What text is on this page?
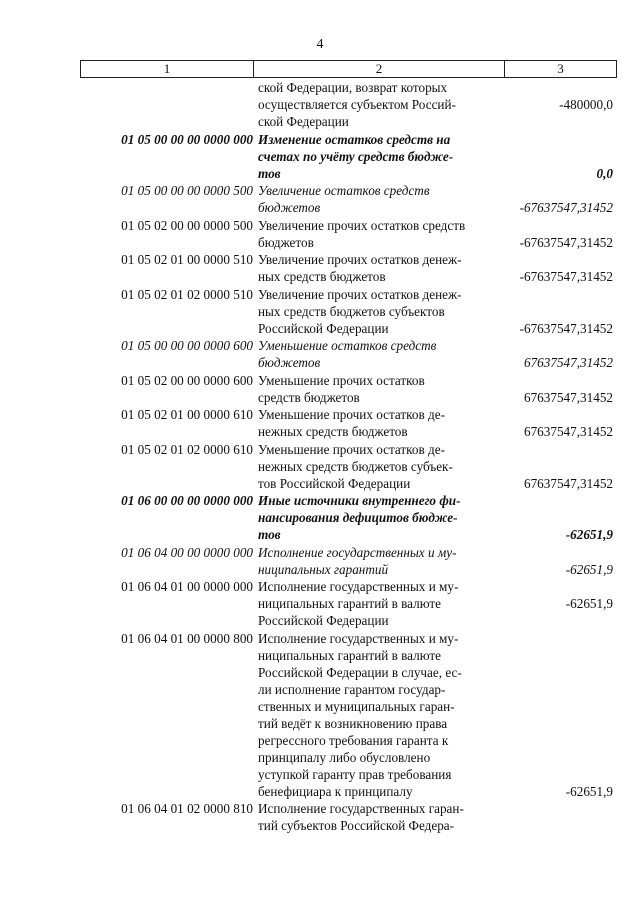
4
1	2	3
ской Федерации, возврат которых
осуществляется субъектом Россий-
ской Федерации
-480000,0
01 05 00 00 00 0000 000 Изменение остатков средств на
счетах по учёту средств бюдже-
тов	0,0
01 05 00 00 00 0000 500 Увеличение остатков средств
бюджетов	-67637547,31452
01 05 02 00 00 0000 500 Увеличение прочих остатков средств
бюджетов	-67637547,31452
01 05 02 01 00 0000 510 Увеличение прочих остатков денеж-
ных средств бюджетов	-67637547,31452
01 05 02 01 02 0000 510 Увеличение прочих остатков денеж-
ных средств бюджетов субъектов
Российской Федерации	-67637547,31452
01 05 00 00 00 0000 600 Уменьшение остатков средств
бюджетов	67637547,31452
01 05 02 00 00 0000 600 Уменьшение прочих остатков
средств бюджетов	67637547,31452
01 05 02 01 00 0000 610 Уменьшение прочих остатков де-
нежных средств бюджетов	67637547,31452
01 05 02 01 02 0000 610 Уменьшение прочих остатков де-
нежных средств бюджетов субъек-
тов Российской Федерации	67637547,31452
01 06 00 00 00 0000 000 Иные источники внутреннего фи-
нансирования дефицитов бюдже-
тов	-62651,9
01 06 04 00 00 0000 000 Исполнение государственных и му-
ниципальных гарантий	-62651,9
01 06 04 01 00 0000 000 Исполнение государственных и му-
ниципальных гарантий в валюте
Российской Федерации
-62651,9
01 06 04 01 00 0000 800 Исполнение государственных и му-
ниципальных гарантий в валюте
Российской Федерации в случае, ес-
ли исполнение гарантом государ-
ственных и муниципальных гаран-
тий ведёт к возникновению права
регрессного требования гаранта к
принципалу либо обусловлено
уступкой гаранту прав требования
бенефициара к принципалу	-62651,9
01 06 04 01 02 0000 810 Исполнение государственных гаран-
тий субъектов Российской Федера-
